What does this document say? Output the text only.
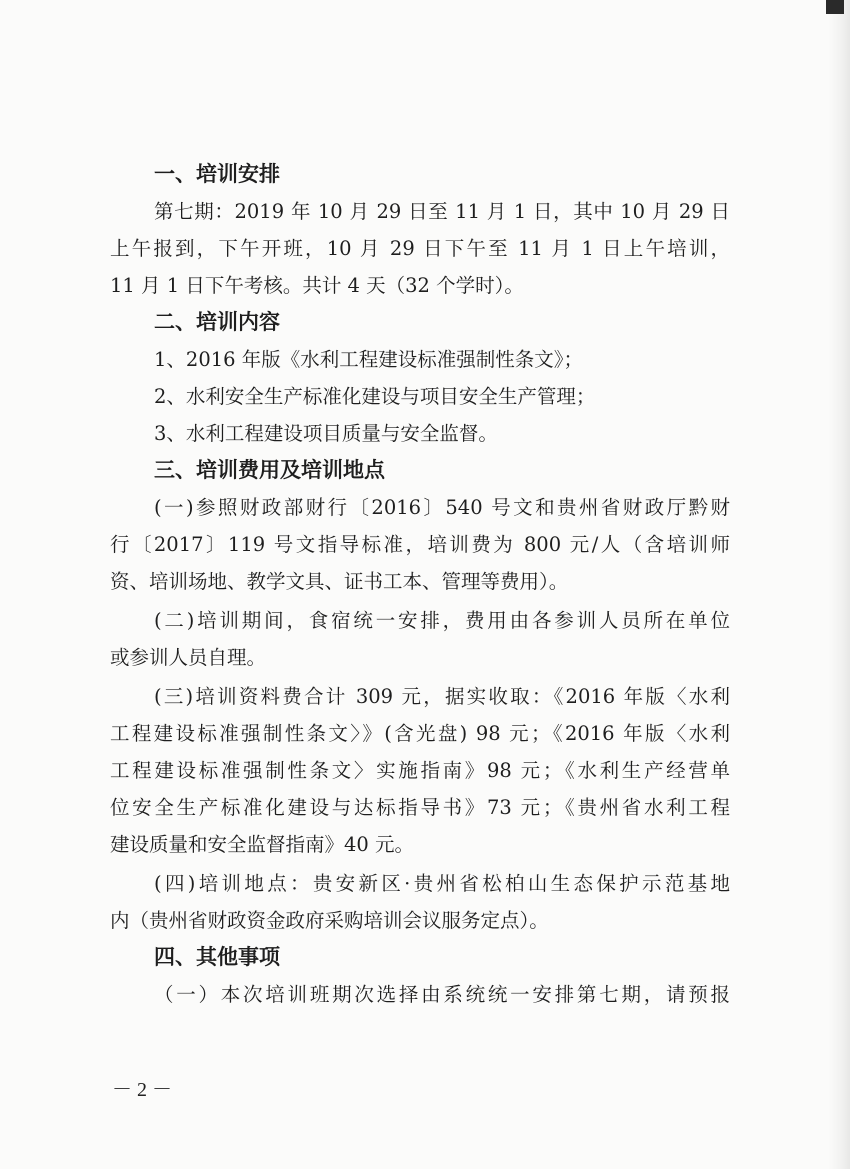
一、培训安排
第七期：2019 年 10 月 29 日至 11 月 1 日，其中 10 月 29 日
上午报到，下午开班，10 月 29 日下午至 11 月 1 日上午培训，
11 月 1 日下午考核。共计 4 天（32 个学时）。
二、培训内容
1、2016 年版《水利工程建设标准强制性条文》；
2、水利安全生产标准化建设与项目安全生产管理；
3、水利工程建设项目质量与安全监督。
三、培训费用及培训地点
(一)参照财政部财行〔2016〕540 号文和贵州省财政厅黔财
行〔2017〕119 号文指导标准，培训费为 800 元/人（含培训师
资、培训场地、教学文具、证书工本、管理等费用）。
(二)培训期间，食宿统一安排，费用由各参训人员所在单位
或参训人员自理。
(三)培训资料费合计 309 元，据实收取：《2016 年版〈水利
工程建设标准强制性条文〉》(含光盘) 98 元；《2016 年版〈水利
工程建设标准强制性条文〉实施指南》98 元；《水利生产经营单
位安全生产标准化建设与达标指导书》73 元；《贵州省水利工程
建设质量和安全监督指南》40 元。
(四)培训地点：贵安新区·贵州省松柏山生态保护示范基地
内（贵州省财政资金政府采购培训会议服务定点）。
四、其他事项
（一）本次培训班期次选择由系统统一安排第七期，请预报
－ 2 －
